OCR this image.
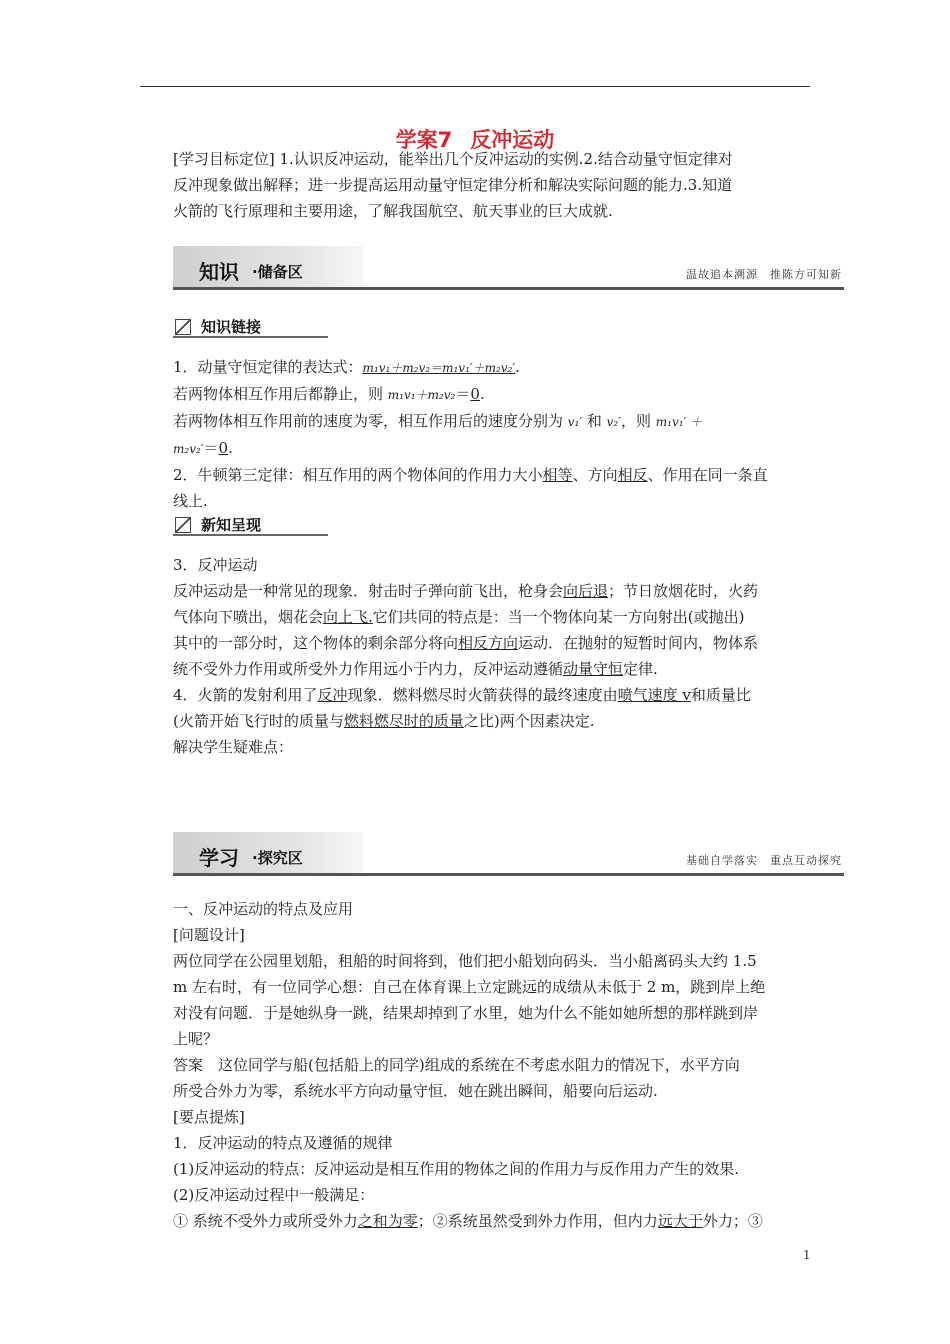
学案7 反冲运动
[学习目标定位] 1.认识反冲运动，能举出几个反冲运动的实例.2.结合动量守恒定律对
反冲现象做出解释；进一步提高运用动量守恒定律分析和解决实际问题的能力.3.知道
火箭的飞行原理和主要用途，了解我国航空、航天事业的巨大成就.
知识 ·储备区	温故追本溯源　推陈方可知新
知识链接
1．动量守恒定律的表达式：m₁v₁＋m₂v₂＝m₁v₁′＋m₂v₂′.
若两物体相互作用后都静止，则 m₁v₁＋m₂v₂＝0.
若两物体相互作用前的速度为零，相互作用后的速度分别为 v₁′ 和 v₂′，则 m₁v₁′ ＋
m₂v₂′＝0.
2．牛顿第三定律：相互作用的两个物体间的作用力大小相等、方向相反、作用在同一条直
线上.
新知呈现
3．反冲运动
反冲运动是一种常见的现象．射击时子弹向前飞出，枪身会向后退；节日放烟花时，火药
气体向下喷出，烟花会向上飞.它们共同的特点是：当一个物体向某一方向射出(或抛出)
其中的一部分时，这个物体的剩余部分将向相反方向运动．在抛射的短暂时间内，物体系
统不受外力作用或所受外力作用远小于内力，反冲运动遵循动量守恒定律.
4．火箭的发射利用了反冲现象．燃料燃尽时火箭获得的最终速度由喷气速度 v和质量比
(火箭开始飞行时的质量与燃料燃尽时的质量之比)两个因素决定.
解决学生疑难点：
学习 ·探究区	基础自学落实　重点互动探究
一、反冲运动的特点及应用
[问题设计]
两位同学在公园里划船，租船的时间将到，他们把小船划向码头．当小船离码头大约 1.5
m 左右时，有一位同学心想：自己在体育课上立定跳远的成绩从未低于 2 m，跳到岸上绝
对没有问题．于是她纵身一跳，结果却掉到了水里，她为什么不能如她所想的那样跳到岸
上呢？
答案　这位同学与船(包括船上的同学)组成的系统在不考虑水阻力的情况下，水平方向
所受合外力为零，系统水平方向动量守恒．她在跳出瞬间，船要向后运动.
[要点提炼]
1．反冲运动的特点及遵循的规律
(1)反冲运动的特点：反冲运动是相互作用的物体之间的作用力与反作用力产生的效果.
(2)反冲运动过程中一般满足：
① 系统不受外力或所受外力之和为零；②系统虽然受到外力作用，但内力远大于外力；③
1
